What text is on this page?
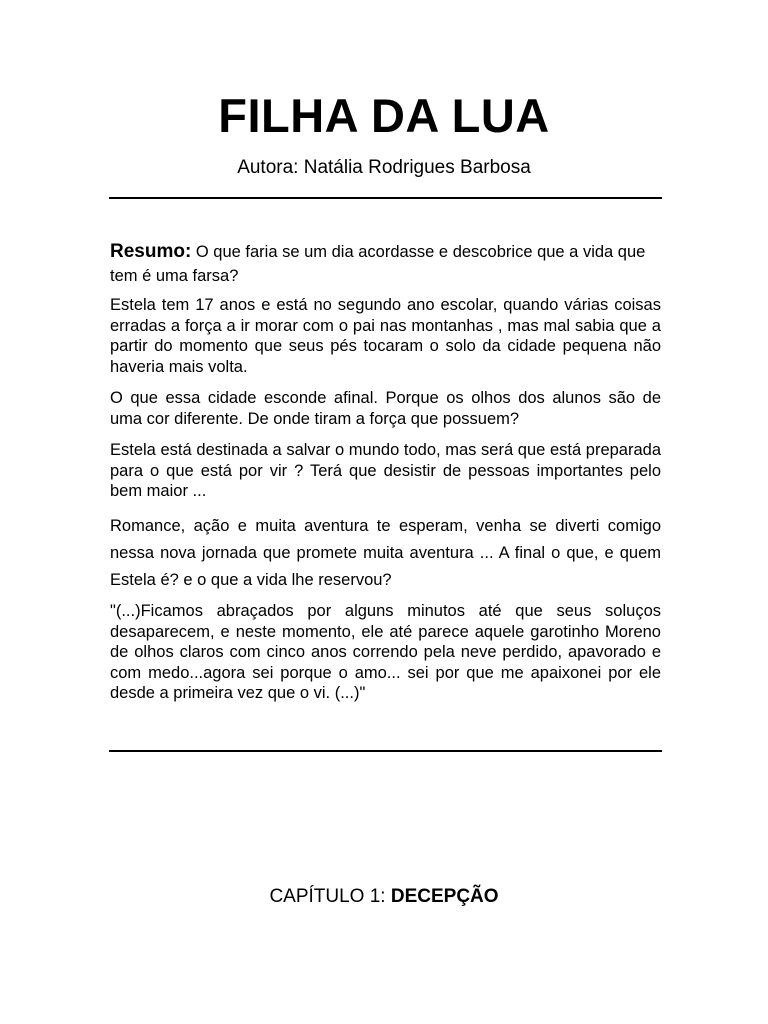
FILHA DA LUA
Autora: Natália Rodrigues Barbosa
Resumo: O que faria se um dia acordasse e descobrice que a vida que tem é uma farsa?
Estela tem 17 anos e está no segundo ano escolar, quando várias coisas erradas a força a ir morar com o pai nas montanhas , mas mal sabia que a partir do momento que seus pés tocaram o solo da cidade pequena não haveria mais volta.
O que essa cidade esconde afinal. Porque os olhos dos alunos são de uma cor diferente. De onde tiram a força que possuem?
Estela está destinada a salvar o mundo todo, mas será que está preparada para o que está por vir ? Terá que desistir de pessoas importantes pelo bem maior ...
Romance, ação e muita aventura te esperam, venha se diverti comigo nessa nova jornada que promete muita aventura ... A final o que, e quem Estela é? e o que a vida lhe reservou?
"(...)Ficamos abraçados por alguns minutos até que seus soluços desaparecem, e neste momento, ele até parece aquele garotinho Moreno de olhos claros com cinco anos correndo pela neve perdido, apavorado e com medo...agora sei porque o amo... sei por que me apaixonei por ele desde a primeira vez que o vi. (...)"
CAPÍTULO 1: DECEPÇÃO
